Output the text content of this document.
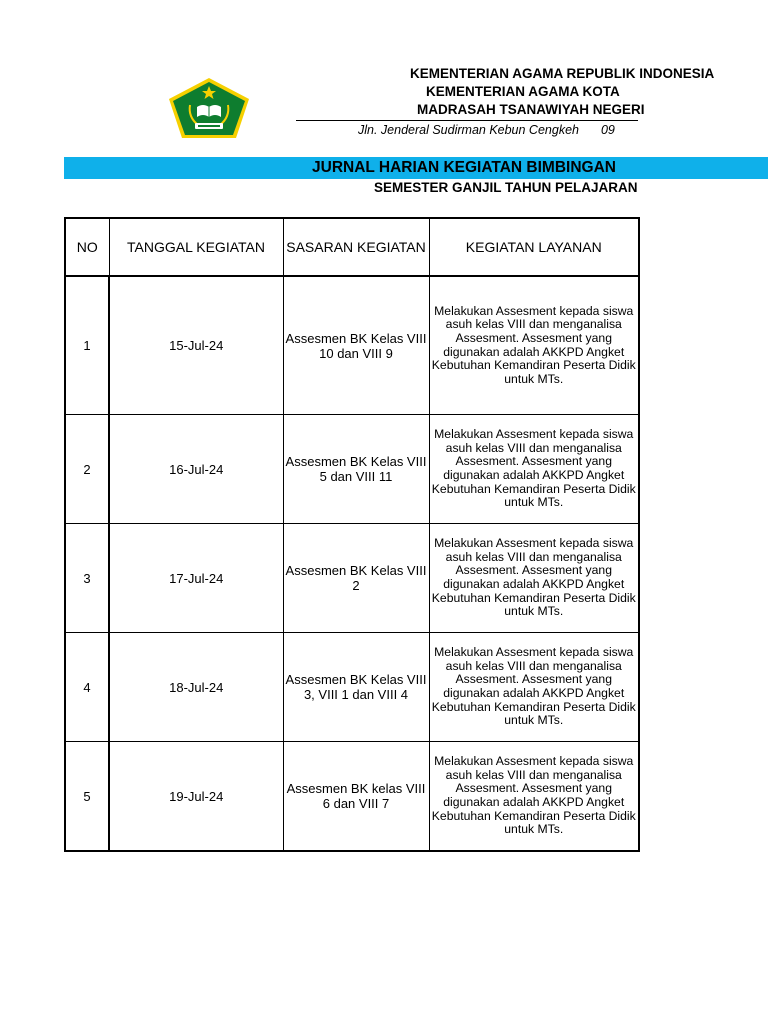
KEMENTERIAN AGAMA REPUBLIK INDONESIA
KEMENTERIAN AGAMA KOTA
MADRASAH TSANAWIYAH NEGERI
Jln. Jenderal Sudirman Kebun Cengkeh 09
JURNAL HARIAN KEGIATAN BIMBINGAN
SEMESTER GANJIL TAHUN PELAJARAN
NO	TANGGAL KEGIATAN	SASARAN KEGIATAN	KEGIATAN LAYANAN
1	15-Jul-24	Assesmen BK Kelas VIII 10 dan VIII 9	Melakukan Assesment kepada siswa asuh kelas VIII dan menganalisa Assesment. Assesment yang digunakan adalah AKKPD Angket Kebutuhan Kemandiran Peserta Didik untuk MTs.
2	16-Jul-24	Assesmen BK Kelas VIII 5 dan VIII 11	Melakukan Assesment kepada siswa asuh kelas VIII dan menganalisa Assesment. Assesment yang digunakan adalah AKKPD Angket Kebutuhan Kemandiran Peserta Didik untuk MTs.
3	17-Jul-24	Assesmen BK Kelas VIII 2	Melakukan Assesment kepada siswa asuh kelas VIII dan menganalisa Assesment. Assesment yang digunakan adalah AKKPD Angket Kebutuhan Kemandiran Peserta Didik untuk MTs.
4	18-Jul-24	Assesmen BK Kelas VIII 3, VIII 1 dan VIII 4	Melakukan Assesment kepada siswa asuh kelas VIII dan menganalisa Assesment. Assesment yang digunakan adalah AKKPD Angket Kebutuhan Kemandiran Peserta Didik untuk MTs.
5	19-Jul-24	Assesmen BK kelas VIII 6 dan VIII 7	Melakukan Assesment kepada siswa asuh kelas VIII dan menganalisa Assesment. Assesment yang digunakan adalah AKKPD Angket Kebutuhan Kemandiran Peserta Didik untuk MTs.
